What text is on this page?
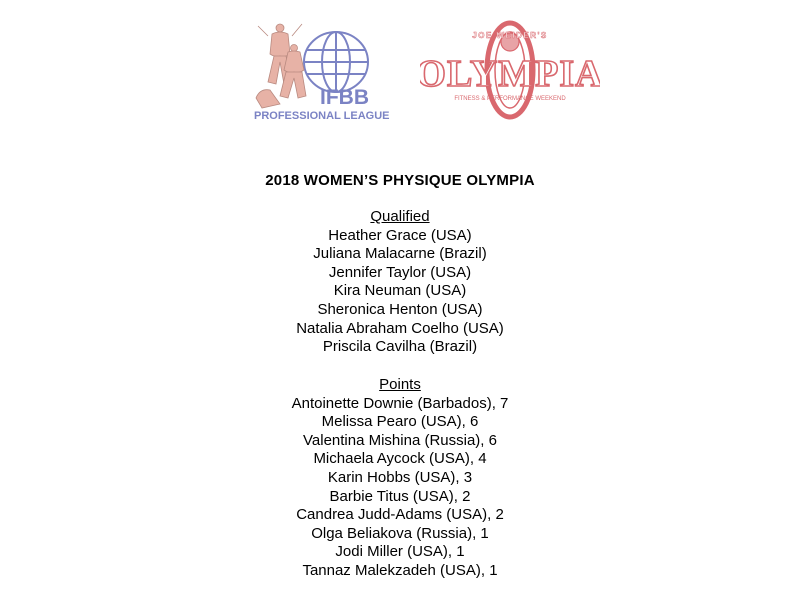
IFBB
PROFESSIONAL LEAGUE
JOE WEIDER'S
OLYMPIA
FITNESS & PERFORMANCE WEEKEND
2018 WOMEN’S PHYSIQUE OLYMPIA
Qualified
Heather Grace (USA)
Juliana Malacarne (Brazil)
Jennifer Taylor (USA)
Kira Neuman (USA)
Sheronica Henton (USA)
Natalia Abraham Coelho (USA)
Priscila Cavilha (Brazil)
Points
Antoinette Downie (Barbados), 7
Melissa Pearo (USA), 6
Valentina Mishina (Russia), 6
Michaela Aycock (USA), 4
Karin Hobbs (USA), 3
Barbie Titus (USA), 2
Candrea Judd-Adams (USA), 2
Olga Beliakova (Russia), 1
Jodi Miller (USA), 1
Tannaz Malekzadeh (USA), 1
